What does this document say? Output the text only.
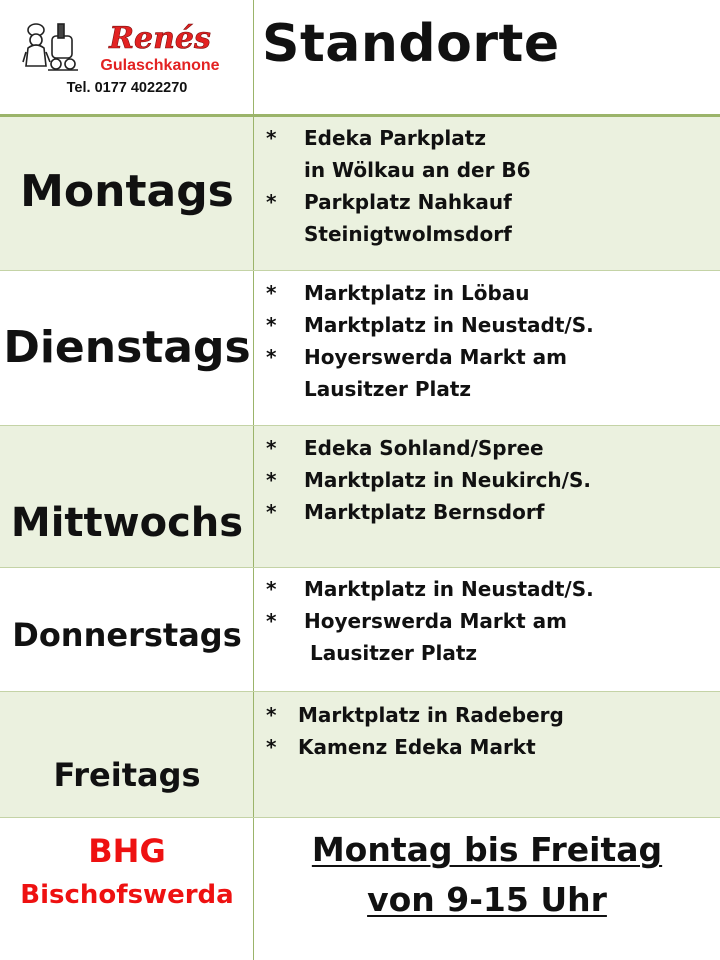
Renés
Gulaschkanone
Tel. 0177 4022270
Standorte
Montags
* Edeka Parkplatz
in Wölkau an der B6
* Parkplatz Nahkauf
Steinigtwolmsdorf
Dienstags
* Marktplatz in Löbau
* Marktplatz in Neustadt/S.
* Hoyerswerda Markt am
Lausitzer Platz
Mittwochs
* Edeka Sohland/Spree
* Marktplatz in Neukirch/S.
* Marktplatz Bernsdorf
Donnerstags
* Marktplatz in Neustadt/S.
* Hoyerswerda Markt am
Lausitzer Platz
Freitags
* Marktplatz in Radeberg
* Kamenz Edeka Markt
BHG
Bischofswerda
Montag bis Freitag
von 9-15 Uhr
